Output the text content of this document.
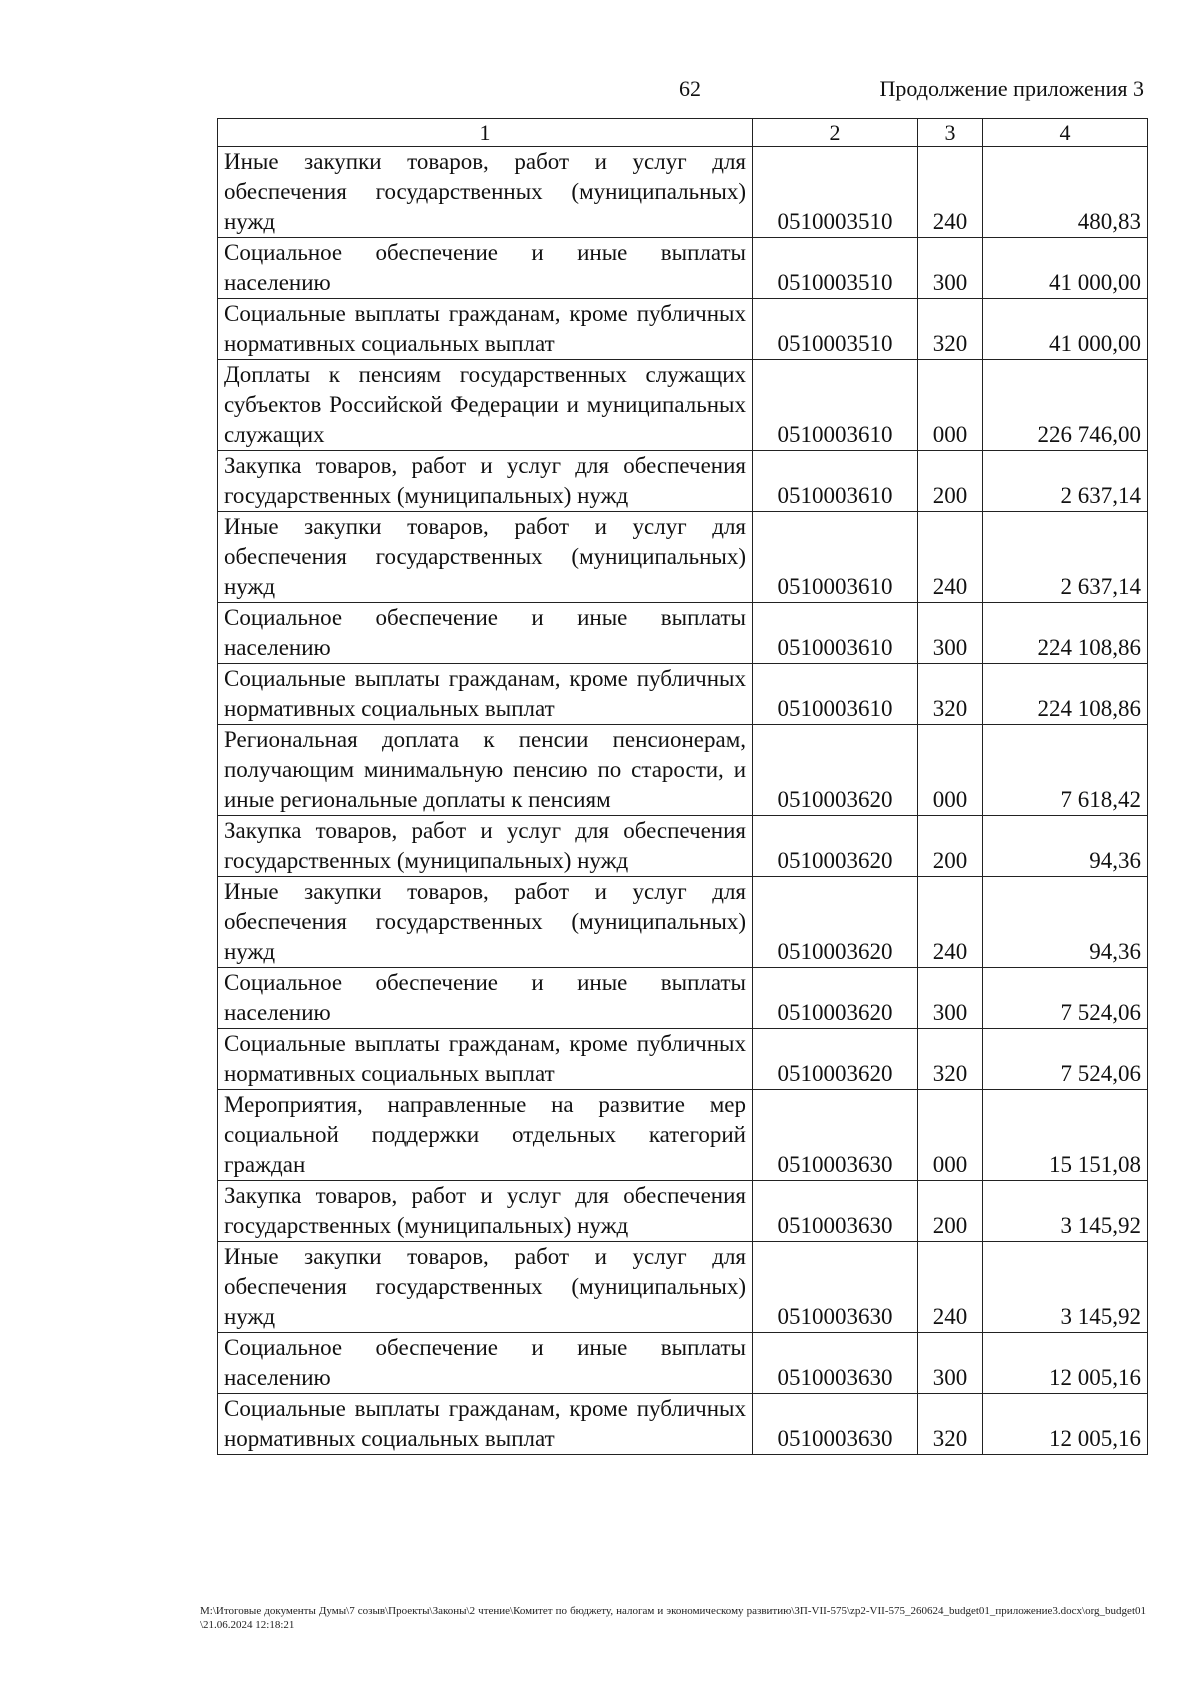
62	Продолжение приложения 3
1	2	3	4
Иные закупки товаров, работ и услуг для обеспечения государственных (муниципальных) нужд	0510003510	240	480,83
Социальное обеспечение и иные выплаты населению	0510003510	300	41 000,00
Социальные выплаты гражданам, кроме публичных нормативных социальных выплат	0510003510	320	41 000,00
Доплаты к пенсиям государственных служащих субъектов Российской Федерации и муниципальных служащих	0510003610	000	226 746,00
Закупка товаров, работ и услуг для обеспечения государственных (муниципальных) нужд	0510003610	200	2 637,14
Иные закупки товаров, работ и услуг для обеспечения государственных (муниципальных) нужд	0510003610	240	2 637,14
Социальное обеспечение и иные выплаты населению	0510003610	300	224 108,86
Социальные выплаты гражданам, кроме публичных нормативных социальных выплат	0510003610	320	224 108,86
Региональная доплата к пенсии пенсионерам, получающим минимальную пенсию по старости, и иные региональные доплаты к пенсиям	0510003620	000	7 618,42
Закупка товаров, работ и услуг для обеспечения государственных (муниципальных) нужд	0510003620	200	94,36
Иные закупки товаров, работ и услуг для обеспечения государственных (муниципальных) нужд	0510003620	240	94,36
Социальное обеспечение и иные выплаты населению	0510003620	300	7 524,06
Социальные выплаты гражданам, кроме публичных нормативных социальных выплат	0510003620	320	7 524,06
Мероприятия, направленные на развитие мер социальной поддержки отдельных категорий граждан	0510003630	000	15 151,08
Закупка товаров, работ и услуг для обеспечения государственных (муниципальных) нужд	0510003630	200	3 145,92
Иные закупки товаров, работ и услуг для обеспечения государственных (муниципальных) нужд	0510003630	240	3 145,92
Социальное обеспечение и иные выплаты населению	0510003630	300	12 005,16
Социальные выплаты гражданам, кроме публичных нормативных социальных выплат	0510003630	320	12 005,16
М:\Итоговые документы Думы\7 созыв\Проекты\Законы\2 чтение\Комитет по бюджету, налогам и экономическому развитию\ЗП-VII-575\zp2-VII-575_260624_budget01_приложение3.docx\org_budget01\21.06.2024 12:18:21
